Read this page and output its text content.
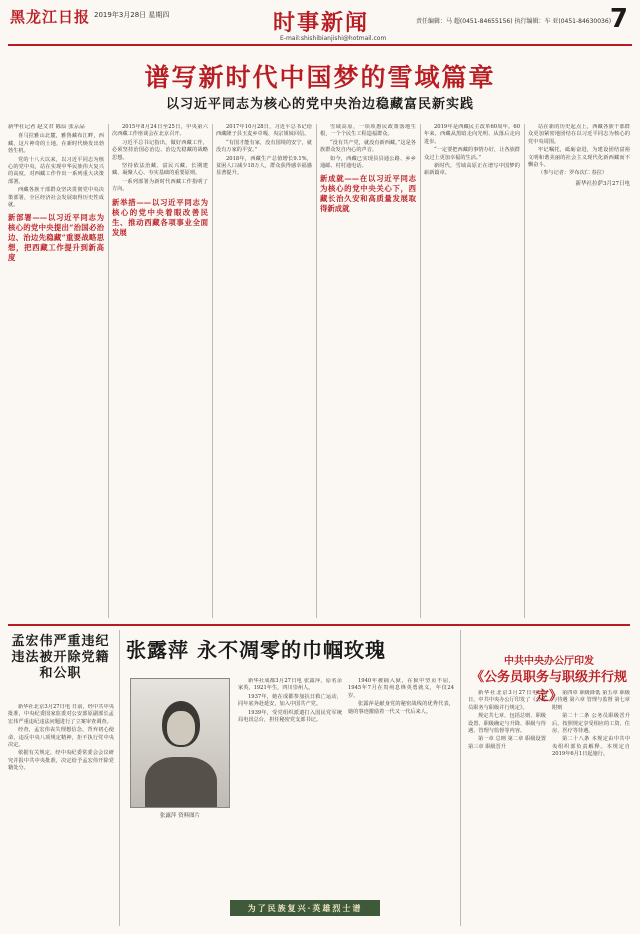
黑龙江日报 2019年3月28日 星期四	时事新闻
E-mail:shishibianjishi@hotmail.com
责任编辑：马 超(0451-84655156) 执行编辑：车 亚(0451-84630036)
7
谱写新时代中国梦的雪域篇章
以习近平同志为核心的党中央治边稳藏富民新实践
新华社记者 赵文君 陈辰 张京品

喜马拉雅山北麓，雅鲁藏布江畔，西藏，这片神奇的土地，在新时代焕发出勃勃生机。

党的十八大以来，以习近平同志为核心的党中央，站在实现中华民族伟大复兴的高度，对西藏工作作出一系列重大决策部署。

西藏各族干部群众坚决贯彻党中央决策部署，全区经济社会发展取得历史性成就。

新部署——以习近平同志为核心的党中央提出“治国必治边、治边先稳藏”重要战略思想，把西藏工作提升到新高度

2015年8月24日至25日，中央第六次西藏工作座谈会在北京召开。

习近平总书记指出，做好西藏工作，必须坚持治国必治边、治边先稳藏的战略思想。

坚持依法治藏、富民兴藏、长期建藏、凝聚人心、夯实基础的重要原则。

一系列部署为新时代西藏工作指明了方向。

新举措——以习近平同志为核心的党中央着眼改善民生、推动西藏各项事业全面发展

2017年10月28日，习近平总书记给西藏隆子县玉麦乡卓嘎、央宗姐妹回信。

“有国才能有家，没有国境的安宁，就没有万家的平安。”

2018年，西藏生产总值增长9.1%，贫困人口减少18万人，群众获得感幸福感显著提升。

雪域高原，一项项惠民政策落地生根，一个个民生工程造福群众。

“没有共产党，就没有新西藏。”这是各族群众发自内心的声音。

如今，西藏已实现县县通公路、乡乡通邮、村村通电话。

新成就——在以习近平同志为核心的党中央关心下，西藏长治久安和高质量发展取得新成就

2019年是西藏民主改革60周年。60年来，西藏从黑暗走向光明、从落后走向进步。

“一定要把西藏的事情办好，让各族群众过上更加幸福的生活。”

新时代，雪域高原正在谱写中国梦的崭新篇章。

站在新的历史起点上，西藏各族干部群众更加紧密地团结在以习近平同志为核心的党中央周围。

牢记嘱托，砥砺奋进，为建设团结富裕文明和谐美丽的社会主义现代化新西藏而不懈奋斗。

（参与记者：罗布次仁 春拉）

新华社拉萨3月27日电
孟宏伟严重违纪违法被开除党籍和公职

新华社北京3月27日电 日前，经中共中央批准，中央纪委国家监委对公安部原副部长孟宏伟严重违纪违法问题进行了立案审查调查。

经查，孟宏伟丧失理想信念，背弃初心使命，违反中央八项规定精神，拒不执行党中央决定。

依据有关规定，经中央纪委常委会会议研究并报中共中央批准，决定给予孟宏伟开除党籍处分。

张露萍 永不凋零的巾帼玫瑰
张露萍 资料图片

新华社成都3月27日电 张露萍，原名余家英，1921年生，四川崇州人。

1937年，她在成都参加抗日救亡运动，同年底奔赴延安，加入中国共产党。

1939年，受党组织派遣打入国民党军统局电讯总台，担任秘密党支部书记。

1940年被捕入狱，在狱中坚贞不屈，1945年7月在贵州息烽英勇就义，年仅24岁。

张露萍是献身党的秘密战线的优秀代表，她的事迹激励着一代又一代后来人。

为了民族复兴·英雄烈士谱
中共中央办公厅印发
《公务员职务与职级并行规定》

新华社北京3月27日电 近日，中共中央办公厅印发了《公务员职务与职级并行规定》。

规定共七章，包括总则、职级设置、职级确定与升降、职级与待遇、管理与监督等内容。

第一章 总则 第二章 职级设置 第三章 职级晋升

第四章 职级降低 第五章 职级与待遇 第六章 管理与监督 第七章 附则

第二十二条 公务员职级晋升后，按照规定享受相应的工资、住房、医疗等待遇。

第二十八条 本规定由中共中央组织部负责解释。本规定自2019年6月1日起施行。
